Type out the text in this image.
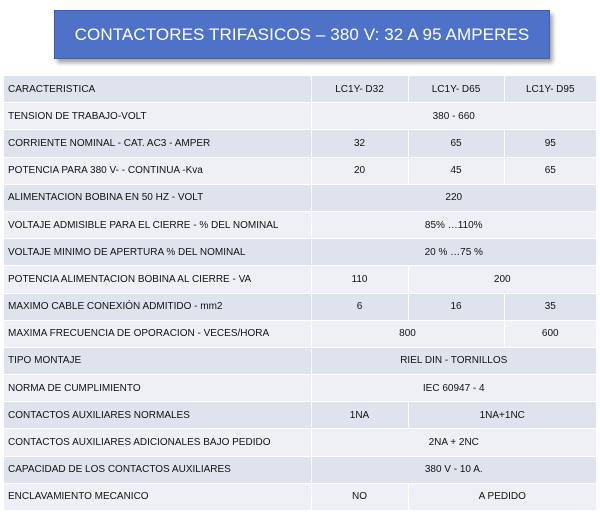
CONTACTORES TRIFASICOS – 380 V: 32 A 95 AMPERES
CARACTERISTICA	LC1Y- D32	LC1Y- D65	LC1Y- D95
TENSION DE TRABAJO-VOLT	380 - 660		
CORRIENTE NOMINAL - CAT. AC3 - AMPER	32	65	95
POTENCIA PARA 380 V- - CONTINUA -Kva	20	45	65
ALIMENTACION BOBINA EN 50 HZ - VOLT	220		
VOLTAJE ADMISIBLE PARA EL CIERRE - % DEL NOMINAL	85% …110%		
VOLTAJE MINIMO DE APERTURA % DEL NOMINAL	20 % …75 %		
POTENCIA ALIMENTACION BOBINA AL CIERRE - VA	110	200	
MAXIMO CABLE CONEXIÓN ADMITIDO - mm2	6	16	35
MAXIMA FRECUENCIA DE OPORACION - VECES/HORA	800		600
TIPO MONTAJE	RIEL DIN - TORNILLOS		
NORMA DE CUMPLIMIENTO	IEC 60947 - 4		
CONTACTOS AUXILIARES NORMALES	1NA	1NA+1NC	
CONTACTOS AUXILIARES ADICIONALES BAJO PEDIDO	2NA + 2NC		
CAPACIDAD DE LOS CONTACTOS AUXILIARES	380 V - 10 A.		
ENCLAVAMIENTO MECANICO	NO	A PEDIDO	
